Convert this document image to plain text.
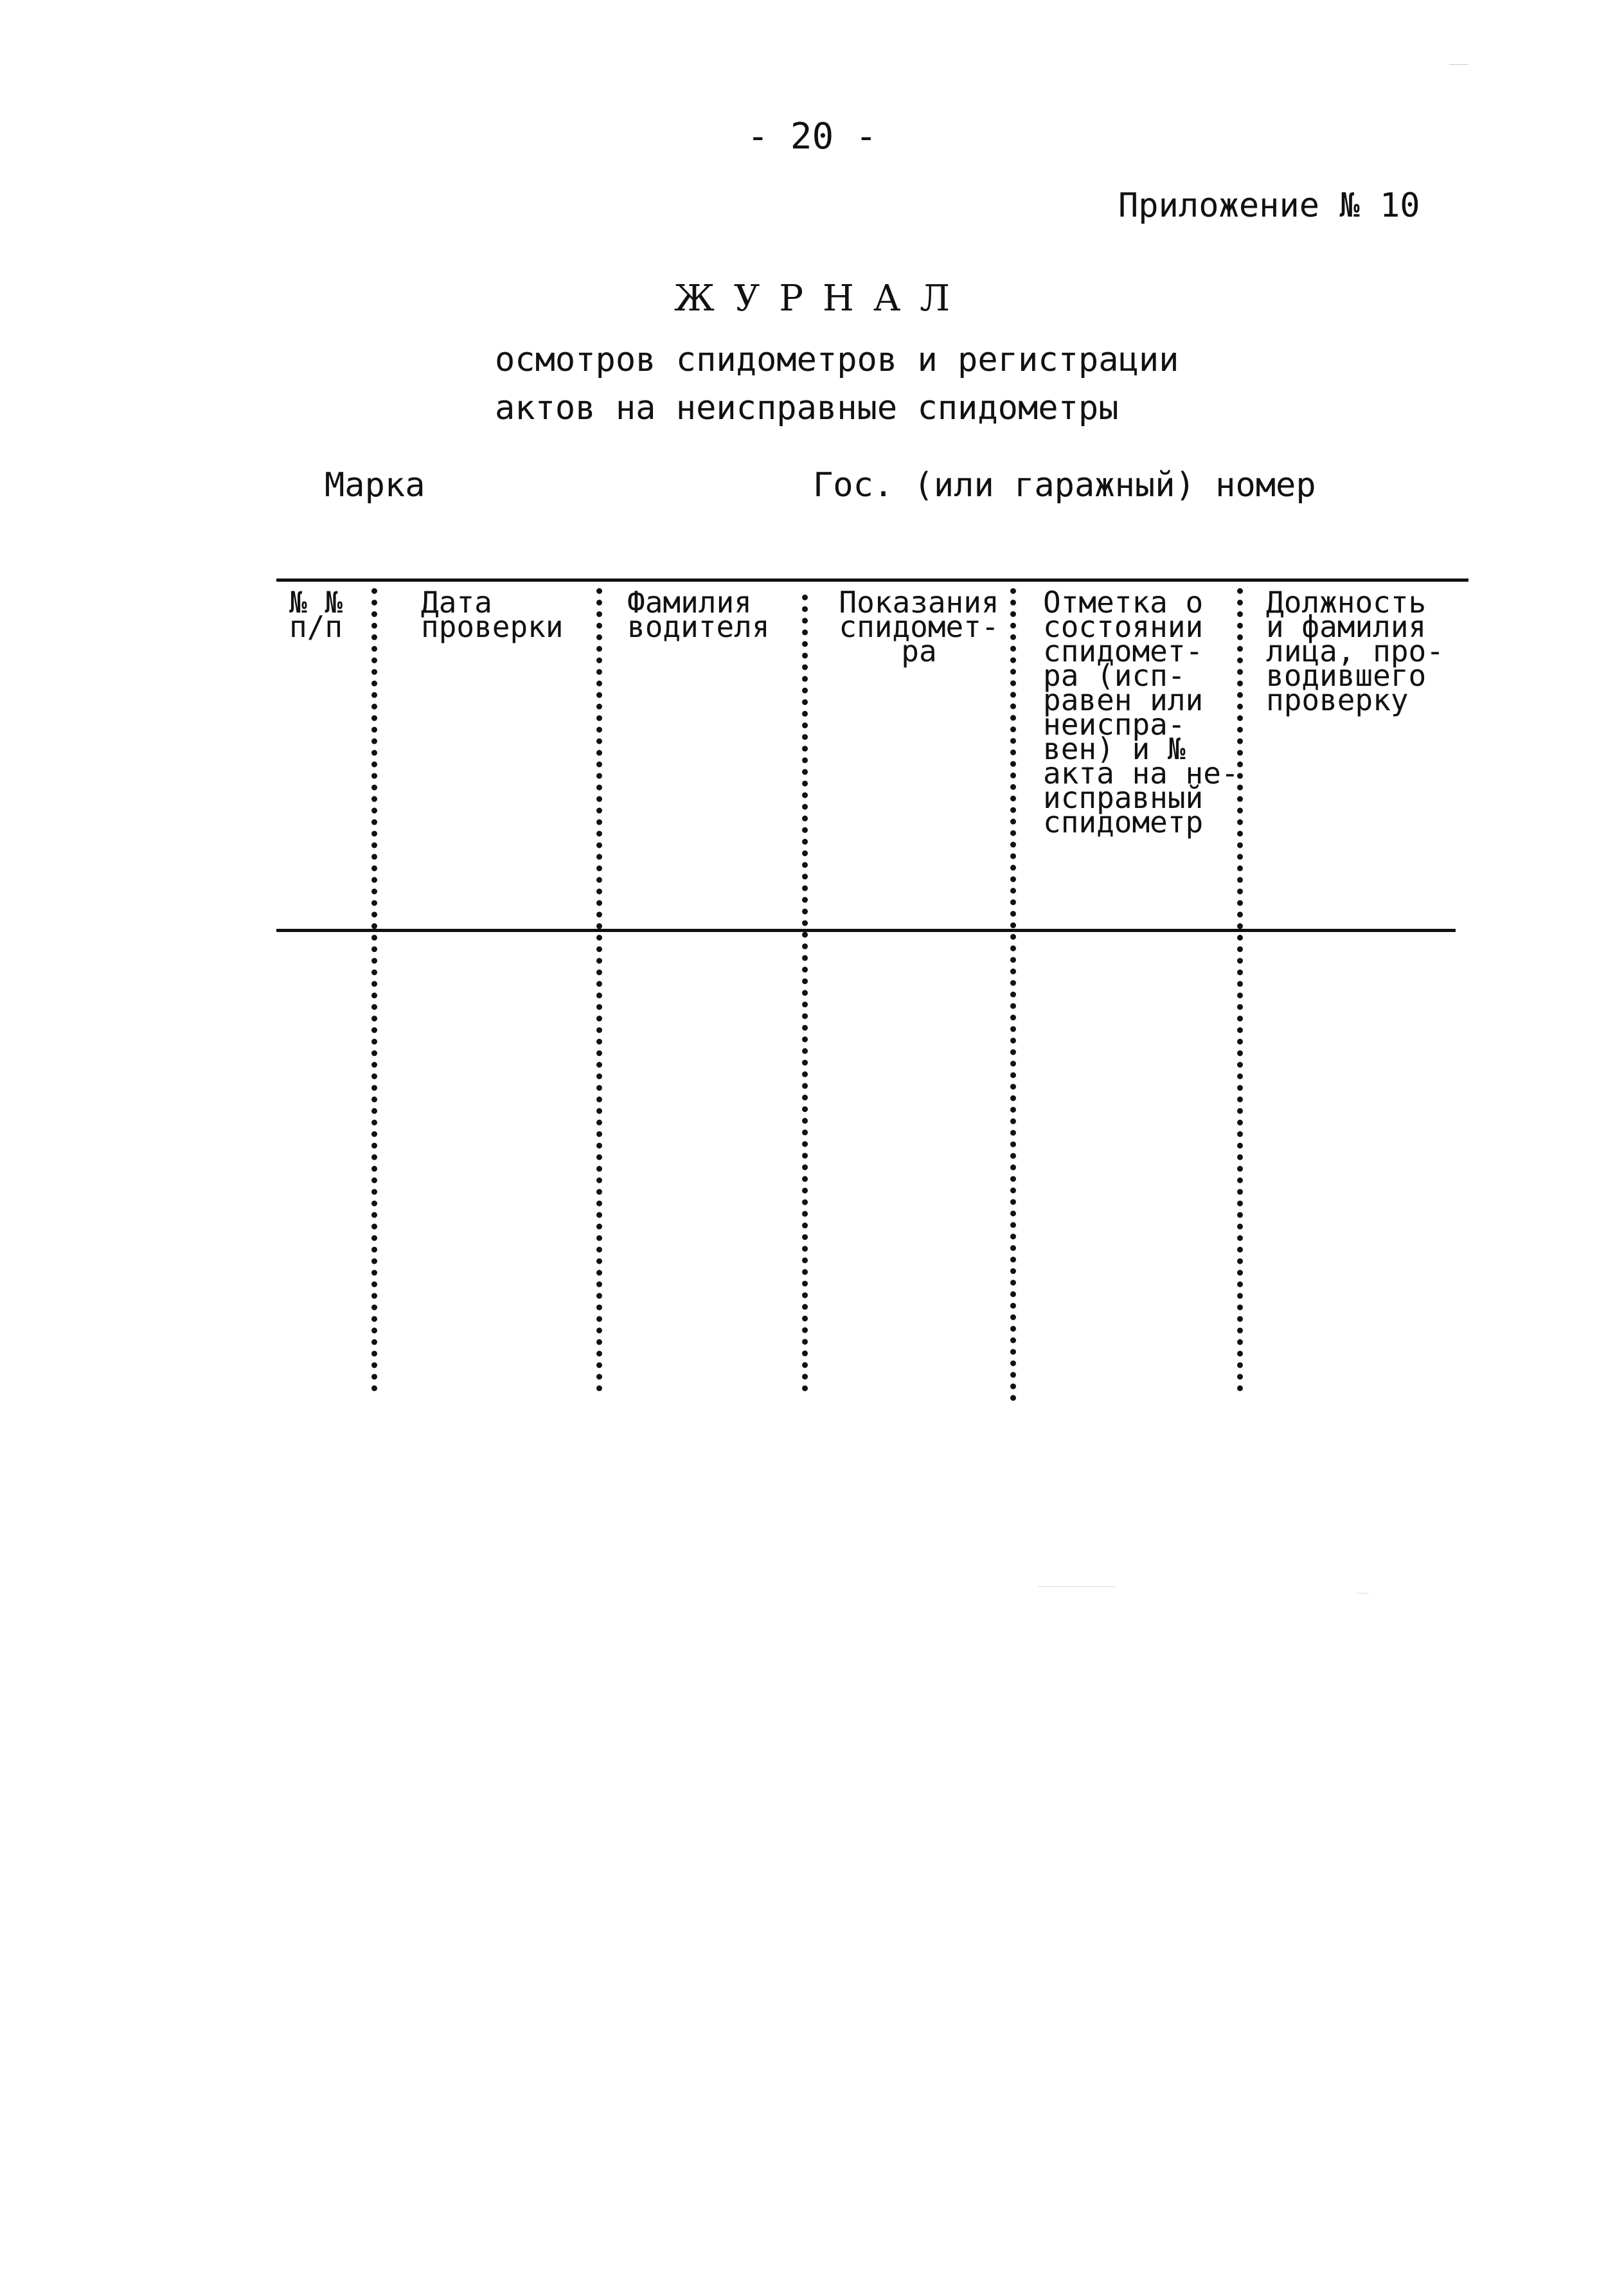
- 20 -
Приложение № 10
ЖУРНАЛ
осмотров спидометров и регистрации
актов на неисправные спидометры
Марка	Гос. (или гаражный) номер
№ №
п/п
Дата
проверки
Фамилия
водителя
Показания
спидомет-
ра
Отметка о
состоянии
спидомет-
ра (исп-
равен или
неиспра-
вен) и №
акта на не-
исправный
спидометр
Должность
и фамилия
лица, про-
водившего
проверку
